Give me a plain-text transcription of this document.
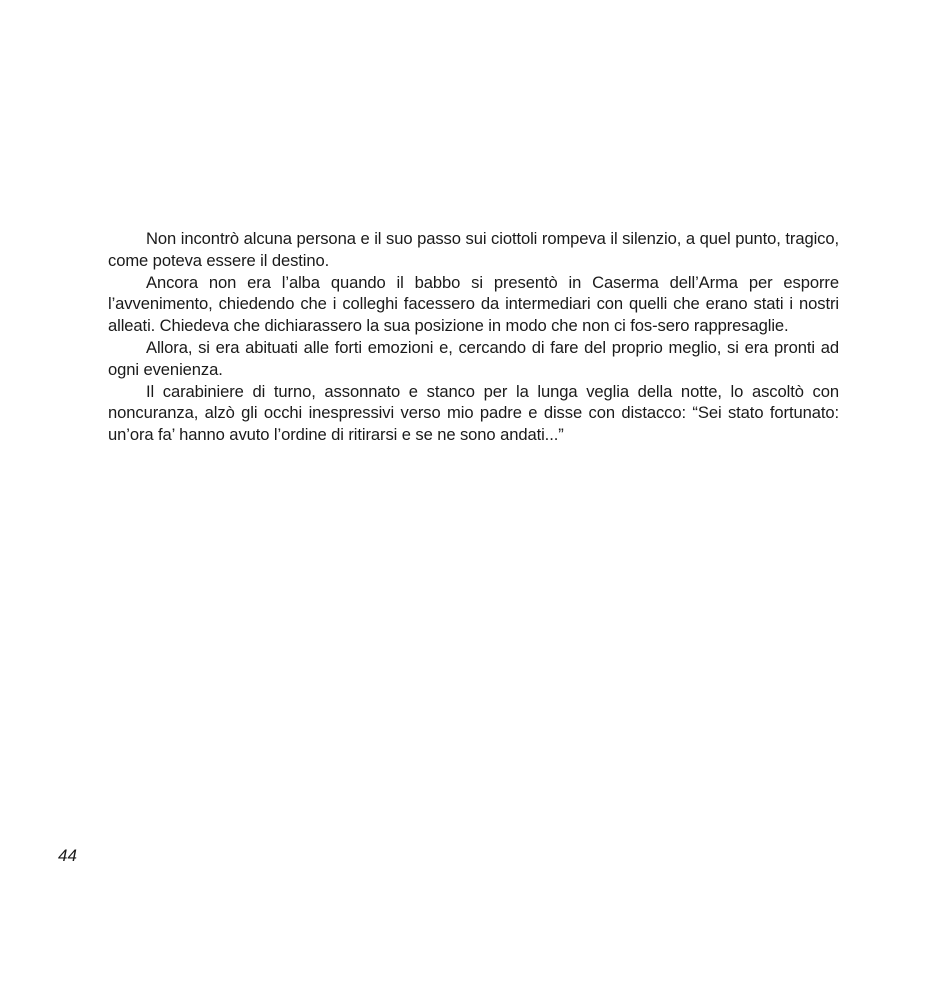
Non incontrò alcuna persona e il suo passo sui ciottoli rompeva il silenzio, a quel punto, tragico, come poteva essere il destino.

Ancora non era l’alba quando il babbo si presentò in Caserma dell’Arma per esporre l’avvenimento, chiedendo che i colleghi facessero da intermediari con quelli che erano stati i nostri alleati. Chiedeva che dichiarassero la sua posizione in modo che non ci fos-sero rappresaglie.

Allora, si era abituati alle forti emozioni e, cercando di fare del proprio meglio, si era pronti ad ogni evenienza.

Il carabiniere di turno, assonnato e stanco per la lunga veglia della notte, lo ascoltò con noncuranza, alzò gli occhi inespressivi verso mio padre e disse con distacco: “Sei stato fortunato: un’ora fa’ hanno avuto l’ordine di ritirarsi e se ne sono andati...”

44
